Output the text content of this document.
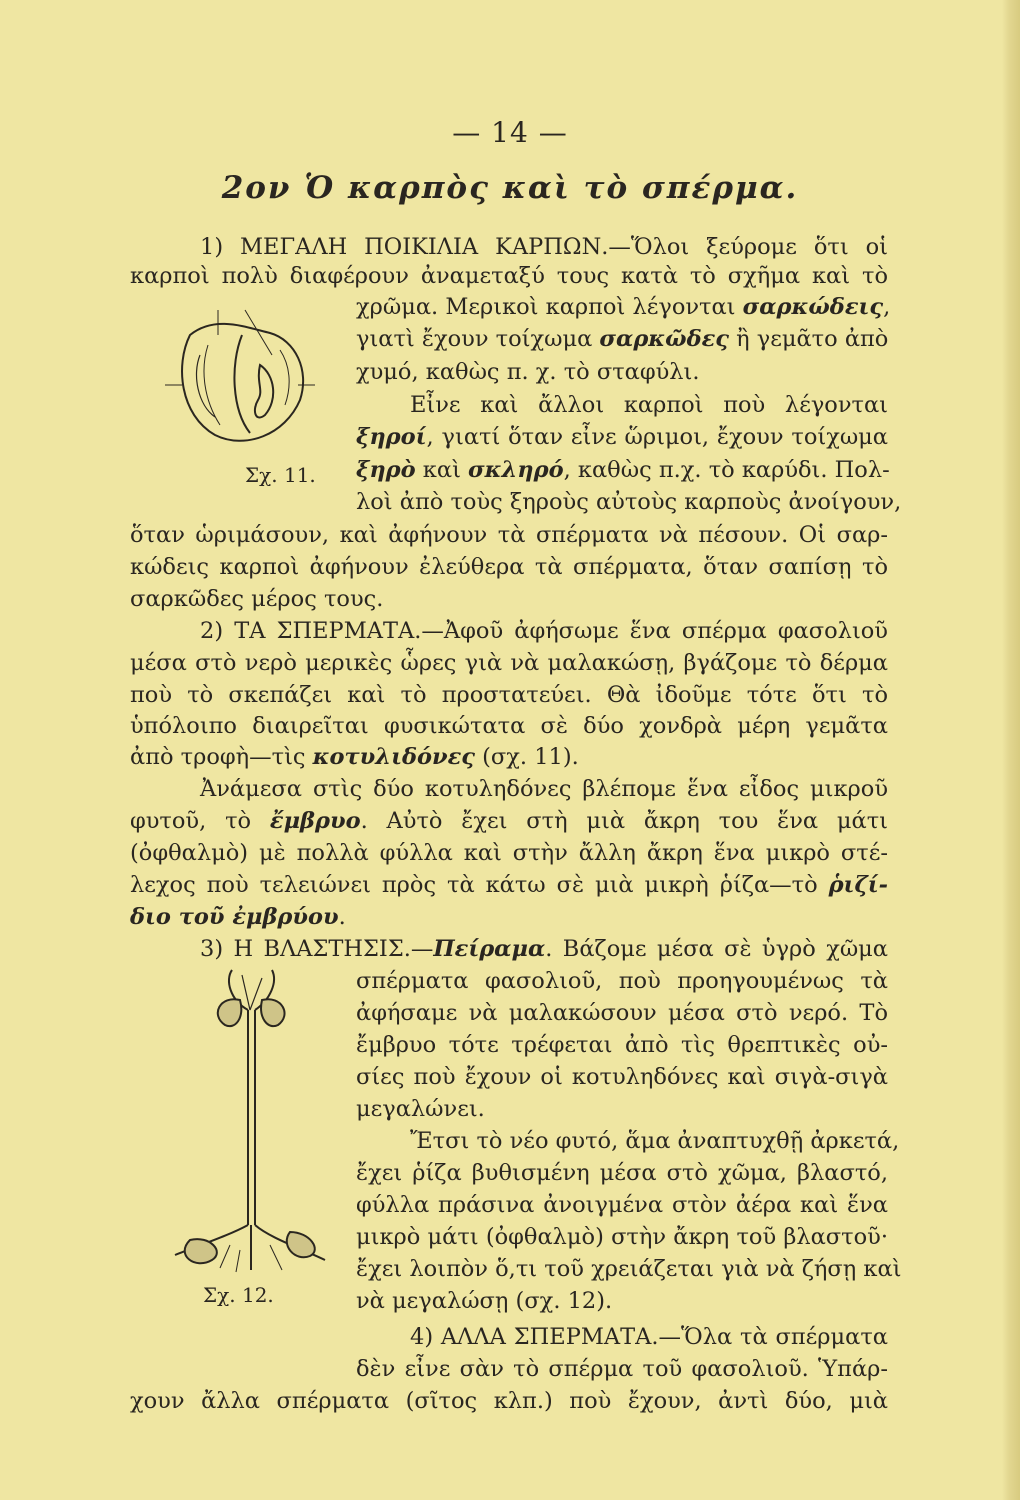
— 14 —
2ον Ὁ καρπὸς καὶ τὸ σπέρμα.
Σχ. 11.
Σχ. 12.
1) ΜΕΓΑΛΗ ΠΟΙΚΙΛΙΑ ΚΑΡΠΩΝ.—Ὅλοι ξεύρομε ὅτι οἱ
καρποὶ πολὺ διαφέρουν ἀναμεταξύ τους κατὰ τὸ σχῆμα καὶ τὸ
χρῶμα. Μερικοὶ καρποὶ λέγονται σαρκώδεις,
γιατὶ ἔχουν τοίχωμα σαρκῶδες ἢ γεμᾶτο ἀπὸ
χυμό, καθὼς π. χ. τὸ σταφύλι.
Εἶνε καὶ ἄλλοι καρποὶ ποὺ λέγονται
ξηροί, γιατί ὅταν εἶνε ὥριμοι, ἔχουν τοίχωμα
ξηρὸ καὶ σκληρό, καθὼς π.χ. τὸ καρύδι. Πολ-
λοὶ ἀπὸ τοὺς ξηροὺς αὐτοὺς καρποὺς ἀνοίγουν,
ὅταν ὡριμάσουν, καὶ ἀφήνουν τὰ σπέρματα νὰ πέσουν. Οἱ σαρ-
κώδεις καρποὶ ἀφήνουν ἐλεύθερα τὰ σπέρματα, ὅταν σαπίσῃ τὸ
σαρκῶδες μέρος τους.
2) ΤΑ ΣΠΕΡΜΑΤΑ.—Ἀφοῦ ἀφήσωμε ἕνα σπέρμα φασολιοῦ
μέσα στὸ νερὸ μερικὲς ὧρες γιὰ νὰ μαλακώσῃ, βγάζομε τὸ δέρμα
ποὺ τὸ σκεπάζει καὶ τὸ προστατεύει. Θὰ ἰδοῦμε τότε ὅτι τὸ
ὑπόλοιπο διαιρεῖται φυσικώτατα σὲ δύο χονδρὰ μέρη γεμᾶτα
ἀπὸ τροφὴ—τὶς κοτυλιδόνες (σχ. 11).
Ἀνάμεσα στὶς δύο κοτυληδόνες βλέπομε ἕνα εἶδος μικροῦ
φυτοῦ, τὸ ἔμβρυο. Αὐτὸ ἔχει στὴ μιὰ ἄκρη του ἕνα μάτι
(ὀφθαλμὸ) μὲ πολλὰ φύλλα καὶ στὴν ἄλλη ἄκρη ἕνα μικρὸ στέ-
λεχος ποὺ τελειώνει πρὸς τὰ κάτω σὲ μιὰ μικρὴ ῥίζα—τὸ ῥιζί-
διο τοῦ ἐμβρύου.
3) Η ΒΛΑΣΤΗΣΙΣ.—Πείραμα. Βάζομε μέσα σὲ ὑγρὸ χῶμα
σπέρματα φασολιοῦ, ποὺ προηγουμένως τὰ
ἀφήσαμε νὰ μαλακώσουν μέσα στὸ νερό. Τὸ
ἔμβρυο τότε τρέφεται ἀπὸ τὶς θρεπτικὲς οὐ-
σίες ποὺ ἔχουν οἱ κοτυληδόνες καὶ σιγὰ-σιγὰ
μεγαλώνει.
Ἔτσι τὸ νέο φυτό, ἅμα ἀναπτυχθῇ ἀρκετά,
ἔχει ῥίζα βυθισμένη μέσα στὸ χῶμα, βλαστό,
φύλλα πράσινα ἀνοιγμένα στὸν ἀέρα καὶ ἕνα
μικρὸ μάτι (ὀφθαλμὸ) στὴν ἄκρη τοῦ βλαστοῦ·
ἔχει λοιπὸν ὅ,τι τοῦ χρειάζεται γιὰ νὰ ζήσῃ καὶ
νὰ μεγαλώσῃ (σχ. 12).
4) ΑΛΛΑ ΣΠΕΡΜΑΤΑ.—Ὅλα τὰ σπέρματα
δὲν εἶνε σὰν τὸ σπέρμα τοῦ φασολιοῦ. Ὑπάρ-
χουν ἄλλα σπέρματα (σῖτος κλπ.) ποὺ ἔχουν, ἀντὶ δύο, μιὰ
